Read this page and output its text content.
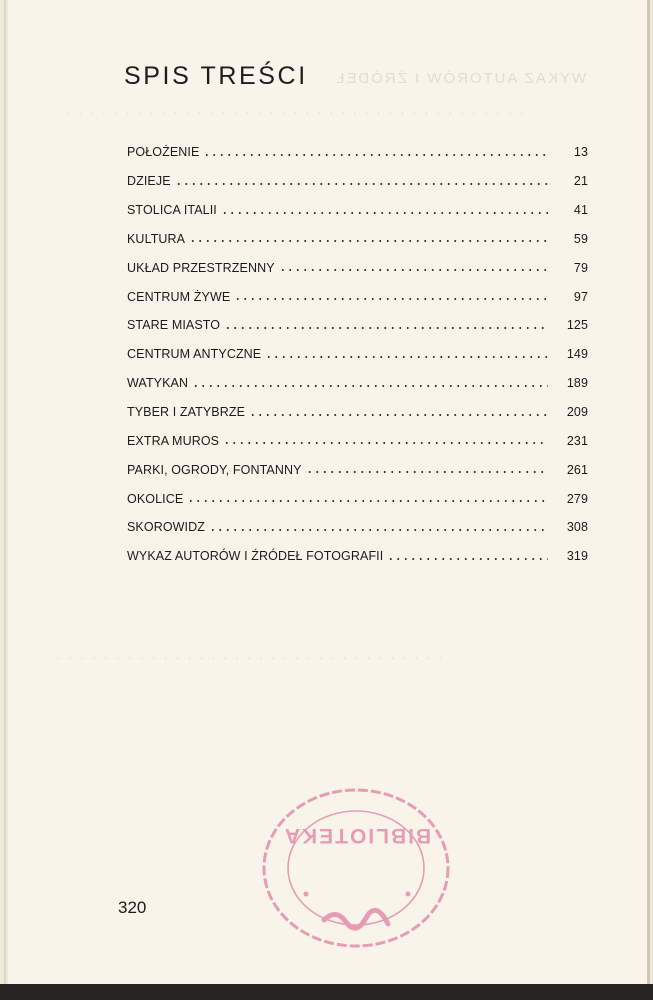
WYKAZ AUTORÓW I ŹRÓDEŁ
· · · · · · · · · · · · · · · · · · · · · · · · · · · · · · · · · · · · · · ·
· · · · · · · · · · · · · · · · · · · · · · · · · · · · · · · · ·
SPIS TREŚCI
POŁOŻENIE	13
DZIEJE	21
STOLICA ITALII	41
KULTURA	59
UKŁAD PRZESTRZENNY	79
CENTRUM ŻYWE	97
STARE MIASTO	125
CENTRUM ANTYCZNE	149
WATYKAN	189
TYBER I ZATYBRZE	209
EXTRA MUROS	231
PARKI, OGRODY, FONTANNY	261
OKOLICE	279
SKOROWIDZ	308
WYKAZ AUTORÓW I ŹRÓDEŁ FOTOGRAFII	319
320
BIBLIOTEKA
